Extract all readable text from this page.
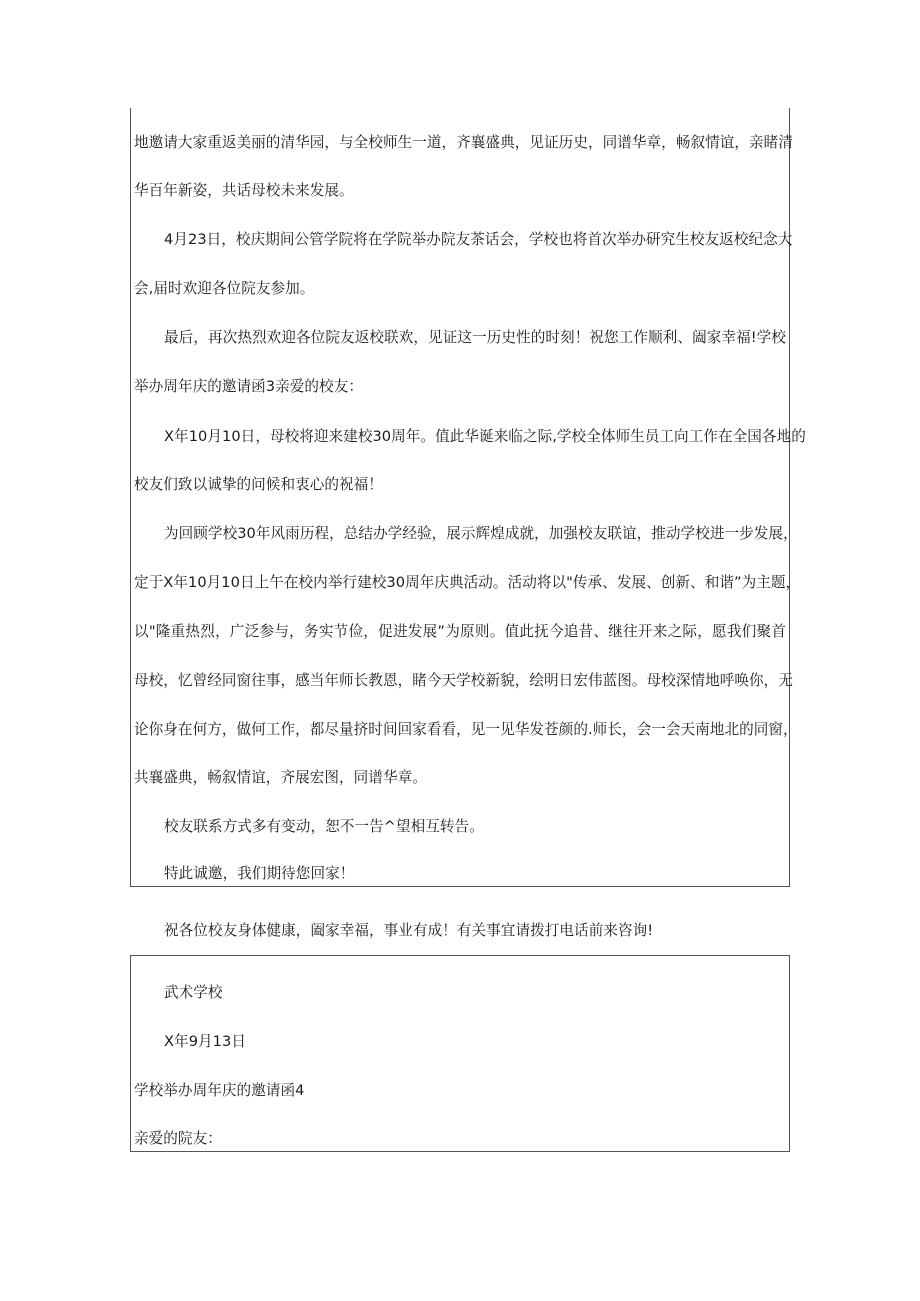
地邀请大家重返美丽的清华园，与全校师生一道，齐襄盛典，见证历史，同谱华章，畅叙情谊，亲睹清
华百年新姿，共话母校未来发展。
4月23日，校庆期间公管学院将在学院举办院友茶话会，学校也将首次举办研究生校友返校纪念大
会,届时欢迎各位院友参加。
最后，再次热烈欢迎各位院友返校联欢，见证这一历史性的时刻！祝您工作顺利、阖家幸福!学校
举办周年庆的邀请函3亲爱的校友：
X年10月10日，母校将迎来建校30周年。值此华诞来临之际,学校全体师生员工向工作在全国各地的
校友们致以诚挚的问候和衷心的祝福！
为回顾学校30年风雨历程，总结办学经验，展示辉煌成就，加强校友联谊，推动学校进一步发展，
定于X年10月10日上午在校内举行建校30周年庆典活动。活动将以"传承、发展、创新、和谐”为主题，
以"隆重热烈，广泛参与，务实节俭，促进发展”为原则。值此抚今追昔、继往开来之际，愿我们聚首
母校，忆曾经同窗往事，感当年师长教恩，睹今天学校新貌，绘明日宏伟蓝图。母校深情地呼唤你，无
论你身在何方，做何工作，都尽量挤时间回家看看，见一见华发苍颜的.师长，会一会天南地北的同窗，
共襄盛典，畅叙情谊，齐展宏图，同谱华章。
校友联系方式多有变动，恕不一告^望相互转告。
特此诚邀，我们期待您回家！
祝各位校友身体健康，阖家幸福，事业有成！有关事宜请拨打电话前来咨询!
武术学校
X年9月13日
学校举办周年庆的邀请函4
亲爱的院友：
